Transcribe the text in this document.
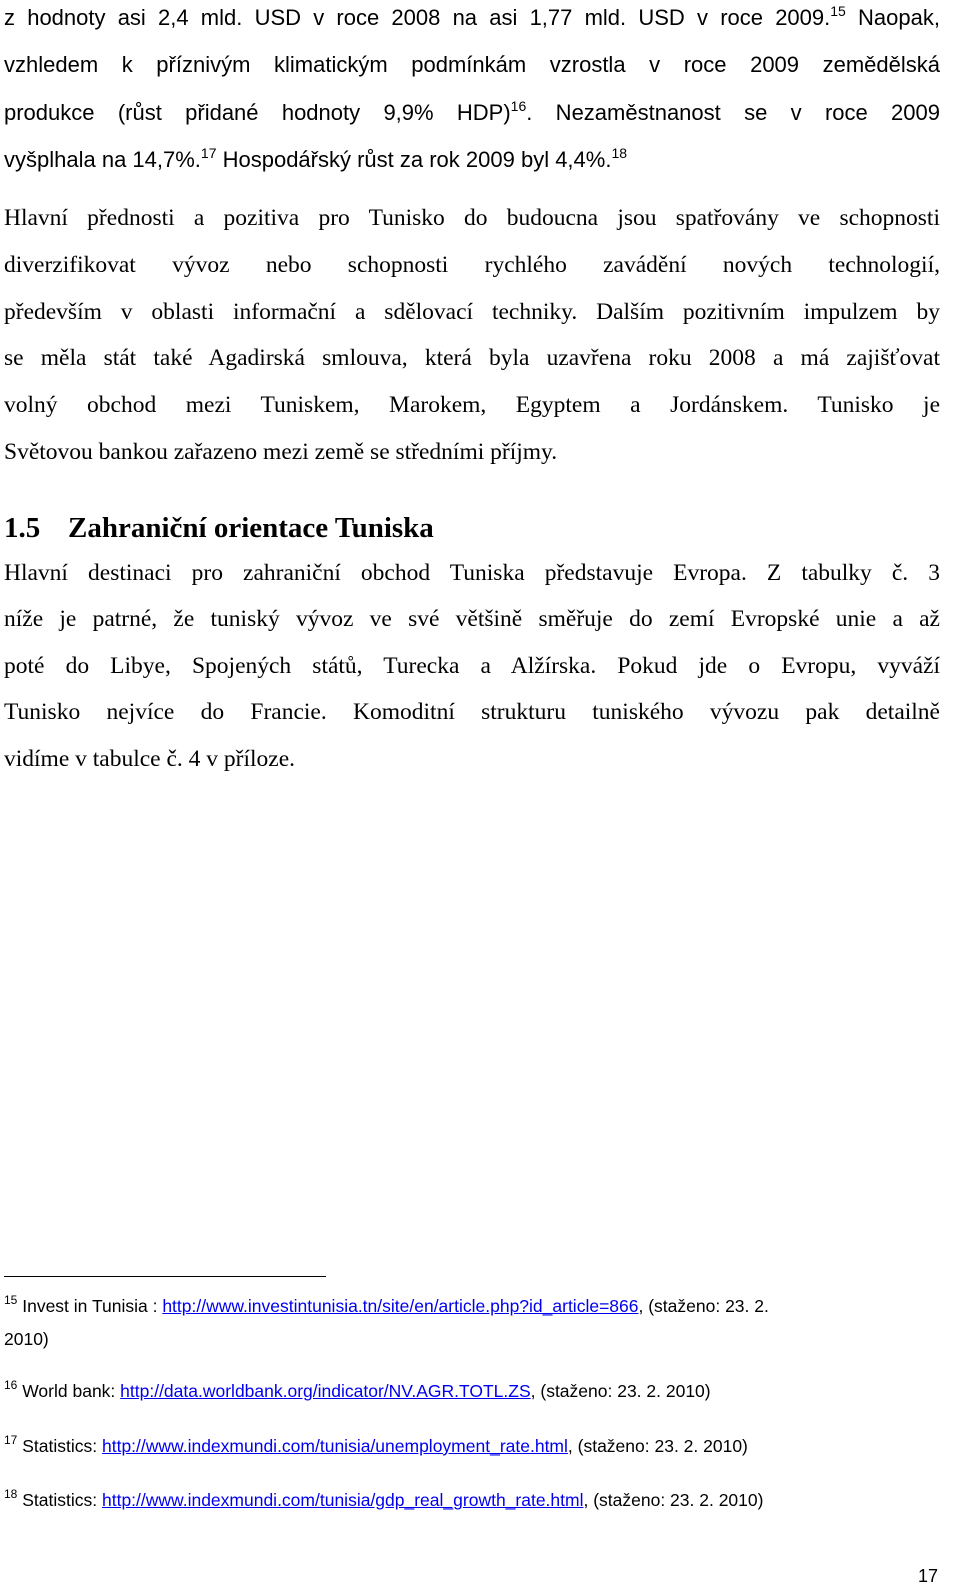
z hodnoty asi 2,4 mld. USD v roce 2008 na asi 1,77 mld. USD v roce 2009.15 Naopak,
vzhledem k příznivým klimatickým podmínkám vzrostla v roce 2009 zemědělská
produkce (růst přidané hodnoty 9,9% HDP)$^{16}$. Nezaměstnanost se v roce 2009
vyšplhala na 14,7%.$^{17}$ Hospodářský růst za rok 2009 byl 4,4%.$^{18}$
Hlavní přednosti a pozitiva pro Tunisko do budoucna jsou spatřovány ve schopnosti
diverzifikovat vývoz nebo schopnosti rychlého zavádění nových technologií,
především v oblasti informační a sdělovací techniky. Dalším pozitivním impulzem by
se měla stát také Agadirská smlouva, která byla uzavřena roku 2008 a má zajišťovat
volný obchod mezi Tuniskem, Marokem, Egyptem a Jordánskem. Tunisko je
Světovou bankou zařazeno mezi země se středními příjmy.
1.5 Zahraniční orientace Tuniska
Hlavní destinaci pro zahraniční obchod Tuniska představuje Evropa. Z tabulky č. 3
níže je patrné, že tuniský vývoz ve své většině směřuje do zemí Evropské unie a až
poté do Libye, Spojených států, Turecka a Alžírska. Pokud jde o Evropu, vyváží
Tunisko nejvíce do Francie. Komoditní strukturu tuniského vývozu pak detailně
vidíme v tabulce č. 4 v příloze.
$^{15}$ Invest in Tunisia : http://www.investintunisia.tn/site/en/article.php?id_article=866, (staženo: 23. 2.
2010)
$^{16}$ World bank: http://data.worldbank.org/indicator/NV.AGR.TOTL.ZS, (staženo: 23. 2. 2010)
$^{17}$ Statistics: http://www.indexmundi.com/tunisia/unemployment_rate.html, (staženo: 23. 2. 2010)
$^{18}$ Statistics: http://www.indexmundi.com/tunisia/gdp_real_growth_rate.html, (staženo: 23. 2. 2010)
17
